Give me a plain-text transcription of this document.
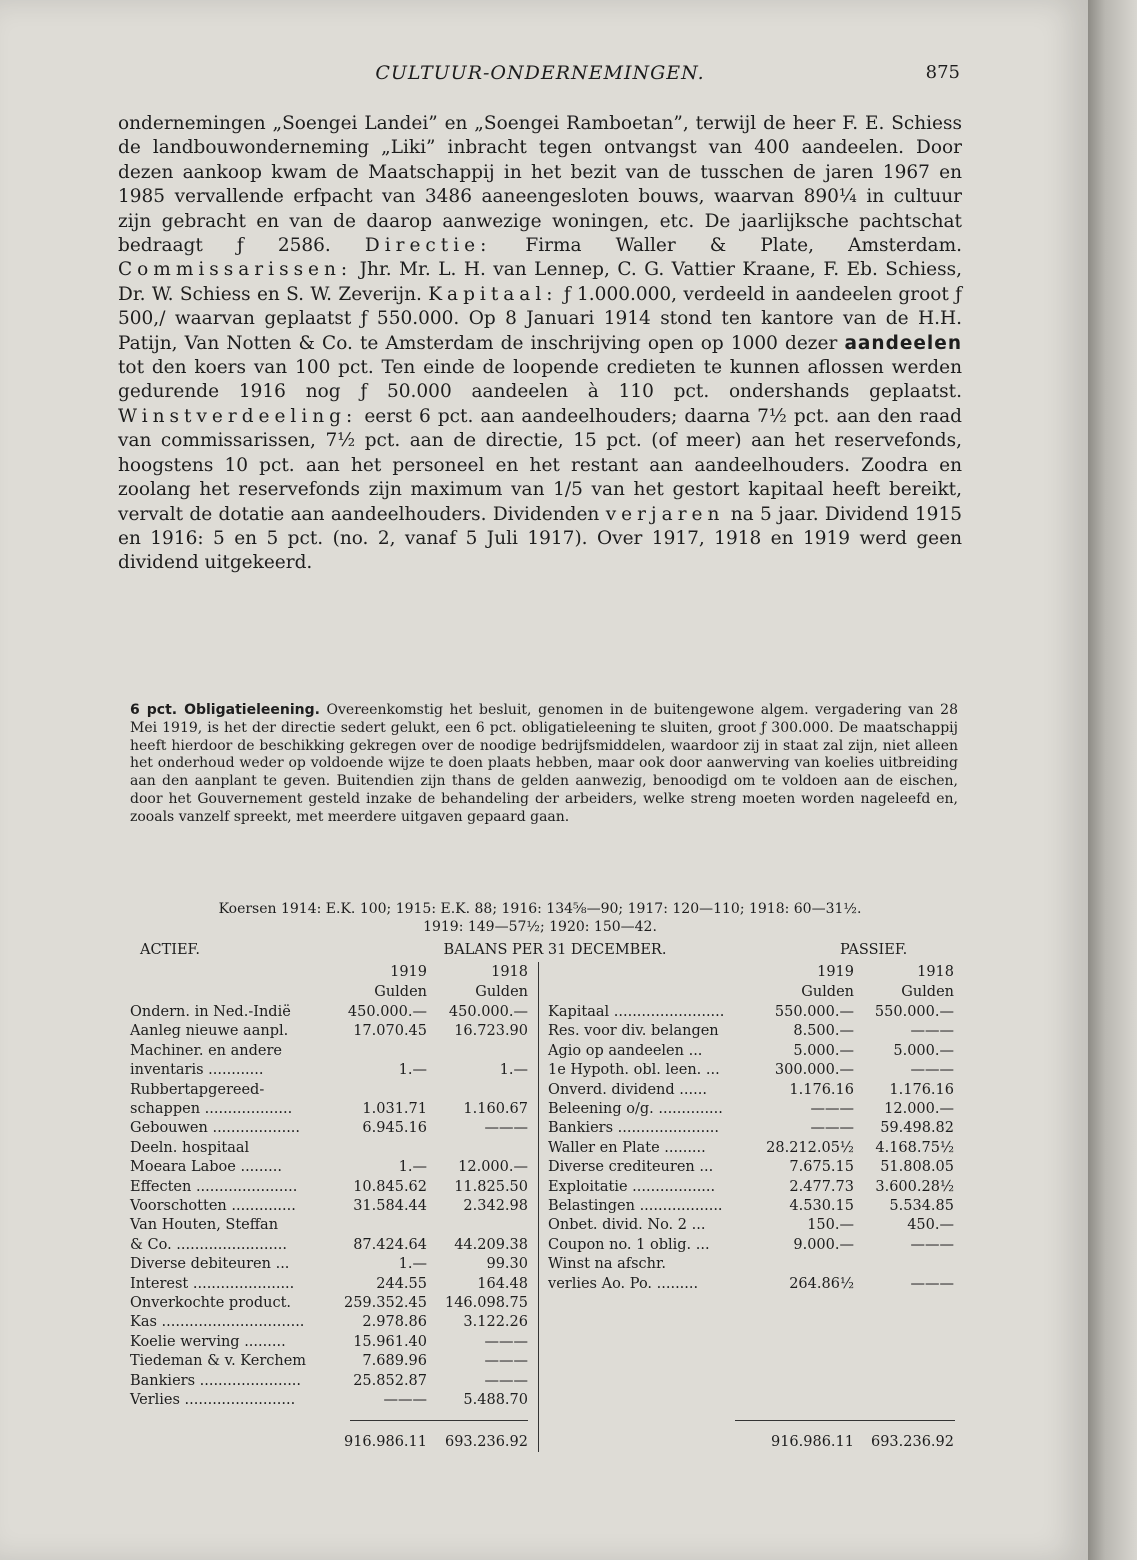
CULTUUR-ONDERNEMINGEN.	875

ondernemingen „Soengei Landei” en „Soengei Ramboetan”, terwijl de heer F. E. Schiess de landbouwonderneming „Liki” inbracht tegen ontvangst van 400 aandeelen. Door dezen aankoop kwam de Maatschappij in het bezit van de tusschen de jaren 1967 en 1985 vervallende erfpacht van 3486 aaneengesloten bouws, waarvan 890¼ in cultuur zijn gebracht en van de daarop aanwezige woningen, etc. De jaarlijksche pachtschat bedraagt ƒ 2586. Directie: Firma Waller & Plate, Amsterdam. Commissarissen: Jhr. Mr. L. H. van Lennep, C. G. Vattier Kraane, F. Eb. Schiess, Dr. W. Schiess en S. W. Zeverijn. Kapitaal: ƒ 1.000.000, verdeeld in aandeelen groot ƒ 500,/ waarvan geplaatst ƒ 550.000. Op 8 Januari 1914 stond ten kantore van de H.H. Patijn, Van Notten & Co. te Amsterdam de inschrijving open op 1000 dezer aandeelen tot den koers van 100 pct. Ten einde de loopende credieten te kunnen aflossen werden gedurende 1916 nog ƒ 50.000 aandeelen à 110 pct. ondershands geplaatst. Winstverdeeling: eerst 6 pct. aan aandeelhouders; daarna 7½ pct. aan den raad van commissarissen, 7½ pct. aan de directie, 15 pct. (of meer) aan het reservefonds, hoogstens 10 pct. aan het personeel en het restant aan aandeelhouders. Zoodra en zoolang het reservefonds zijn maximum van 1/5 van het gestort kapitaal heeft bereikt, vervalt de dotatie aan aandeelhouders. Dividenden verjaren na 5 jaar. Dividend 1915 en 1916: 5 en 5 pct. (no. 2, vanaf 5 Juli 1917). Over 1917, 1918 en 1919 werd geen dividend uitgekeerd.

6 pct. Obligatieleening. Overeenkomstig het besluit, genomen in de buitengewone algem. vergadering van 28 Mei 1919, is het der directie sedert gelukt, een 6 pct. obligatieleening te sluiten, groot ƒ 300.000. De maatschappij heeft hierdoor de beschikking gekregen over de noodige bedrijfsmiddelen, waardoor zij in staat zal zijn, niet alleen het onderhoud weder op voldoende wijze te doen plaats hebben, maar ook door aanwerving van koelies uitbreiding aan den aanplant te geven. Buitendien zijn thans de gelden aanwezig, benoodigd om te voldoen aan de eischen, door het Gouvernement gesteld inzake de behandeling der arbeiders, welke streng moeten worden nageleefd en, zooals vanzelf spreekt, met meerdere uitgaven gepaard gaan.

Koersen 1914: E.K. 100; 1915: E.K. 88; 1916: 134⅝—90; 1917: 120—110; 1918: 60—31½.
1919: 149—57½; 1920: 150—42.
ACTIEF.	BALANS PER 31 DECEMBER.	PASSIEF.
1919	1918
Gulden	Gulden
1919	1918
Gulden	Gulden
Ondern. in Ned.-Indië	450.000.—	450.000.—
Aanleg nieuwe aanpl.	17.070.45	16.723.90
Machiner. en andere
inventaris ............	1.—	1.—
Rubbertapgereed-
schappen ...................	1.031.71	1.160.67
Gebouwen ...................	6.945.16	———
Deeln. hospitaal
Moeara Laboe .........	1.—	12.000.—
Effecten ......................	10.845.62	11.825.50
Voorschotten ..............	31.584.44	2.342.98
Van Houten, Steffan
& Co. ........................	87.424.64	44.209.38
Diverse debiteuren ...	1.—	99.30
Interest ......................	244.55	164.48
Onverkochte product.	259.352.45	146.098.75
Kas ...............................	2.978.86	3.122.26
Koelie werving .........	15.961.40	———
Tiedeman & v. Kerchem	7.689.96	———
Bankiers ......................	25.852.87	———
Verlies ........................	———	5.488.70
Kapitaal ........................	550.000.—	550.000.—
Res. voor div. belangen	8.500.—	———
Agio op aandeelen ...	5.000.—	5.000.—
1e Hypoth. obl. leen. ...	300.000.—	———
Onverd. dividend ......	1.176.16	1.176.16
Beleening o/g. ..............	———	12.000.—
Bankiers ......................	———	59.498.82
Waller en Plate .........	28.212.05½	4.168.75½
Diverse crediteuren ...	7.675.15	51.808.05
Exploitatie ..................	2.477.73	3.600.28½
Belastingen ..................	4.530.15	5.534.85
Onbet. divid. No. 2 ...	150.—	450.—
Coupon no. 1 oblig. ...	9.000.—	———
Winst na afschr.
verlies Ao. Po. .........	264.86½	———
916.986.11	693.236.92	916.986.11 693.236.92
